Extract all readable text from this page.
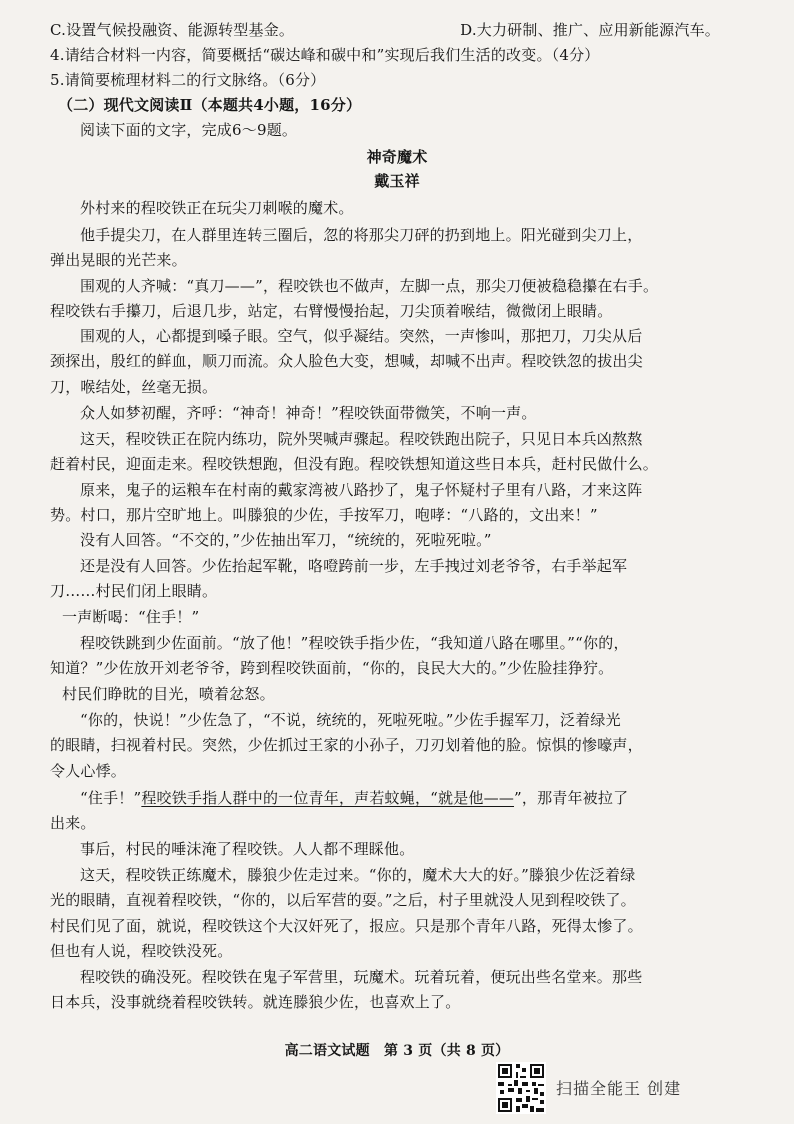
C.设置气候投融资、能源转型基金。	D.大力研制、推广、应用新能源汽车。
4.请结合材料一内容，简要概括“碳达峰和碳中和”实现后我们生活的改变。（4分）
5.请简要梳理材料二的行文脉络。（6分）
（二）现代文阅读Ⅱ（本题共4小题，16分）
阅读下面的文字，完成6～9题。
神奇魔术
戴玉祥
外村来的程咬铁正在玩尖刀刺喉的魔术。
他手提尖刀，在人群里连转三圈后，忽的将那尖刀砰的扔到地上。阳光碰到尖刀上，
弹出晃眼的光芒来。
围观的人齐喊：“真刀——”，程咬铁也不做声，左脚一点，那尖刀便被稳稳攥在右手。
程咬铁右手攥刀，后退几步，站定，右臂慢慢抬起，刀尖顶着喉结，微微闭上眼睛。
围观的人，心都提到嗓子眼。空气，似乎凝结。突然，一声惨叫，那把刀，刀尖从后
颈探出，殷红的鲜血，顺刀而流。众人脸色大变，想喊，却喊不出声。程咬铁忽的拔出尖
刀，喉结处，丝毫无损。
众人如梦初醒，齐呼：“神奇！神奇！”程咬铁面带微笑，不响一声。
这天，程咬铁正在院内练功，院外哭喊声骤起。程咬铁跑出院子，只见日本兵凶熬熬
赶着村民，迎面走来。程咬铁想跑，但没有跑。程咬铁想知道这些日本兵，赶村民做什么。
原来，鬼子的运粮车在村南的戴家湾被八路抄了，鬼子怀疑村子里有八路，才来这阵
势。村口，那片空旷地上。叫滕狼的少佐，手按军刀，咆哮：“八路的，文出来！”
没有人回答。“不交的，”少佐抽出军刀，“统统的，死啦死啦。”
还是没有人回答。少佐抬起军靴，咯噔跨前一步，左手拽过刘老爷爷，右手举起军
刀……村民们闭上眼睛。
一声断喝：“住手！”
程咬铁跳到少佐面前。“放了他！”程咬铁手指少佐，“我知道八路在哪里。”“你的，
知道？”少佐放开刘老爷爷，跨到程咬铁面前，“你的，良民大大的。”少佐脸挂狰狞。
村民们睁眈的目光，喷着忿怒。
“你的，快说！”少佐急了，“不说，统统的，死啦死啦。”少佐手握军刀，泛着绿光
的眼睛，扫视着村民。突然，少佐抓过王家的小孙子，刀刃划着他的脸。惊惧的惨嚎声，
令人心悸。
“住手！”程咬铁手指人群中的一位青年，声若蚊蝇，“就是他——”，那青年被拉了
出来。
事后，村民的唾沫淹了程咬铁。人人都不理睬他。
这天，程咬铁正练魔术，滕狼少佐走过来。“你的，魔术大大的好。”滕狼少佐泛着绿
光的眼睛，直视着程咬铁，“你的，以后军营的耍。”之后，村子里就没人见到程咬铁了。
村民们见了面，就说，程咬铁这个大汉奸死了，报应。只是那个青年八路，死得太惨了。
但也有人说，程咬铁没死。
程咬铁的确没死。程咬铁在鬼子军营里，玩魔术。玩着玩着，便玩出些名堂来。那些
日本兵，没事就绕着程咬铁转。就连滕狼少佐，也喜欢上了。
高二语文试题　第 3 页（共 8 页）
扫描全能王 创建
